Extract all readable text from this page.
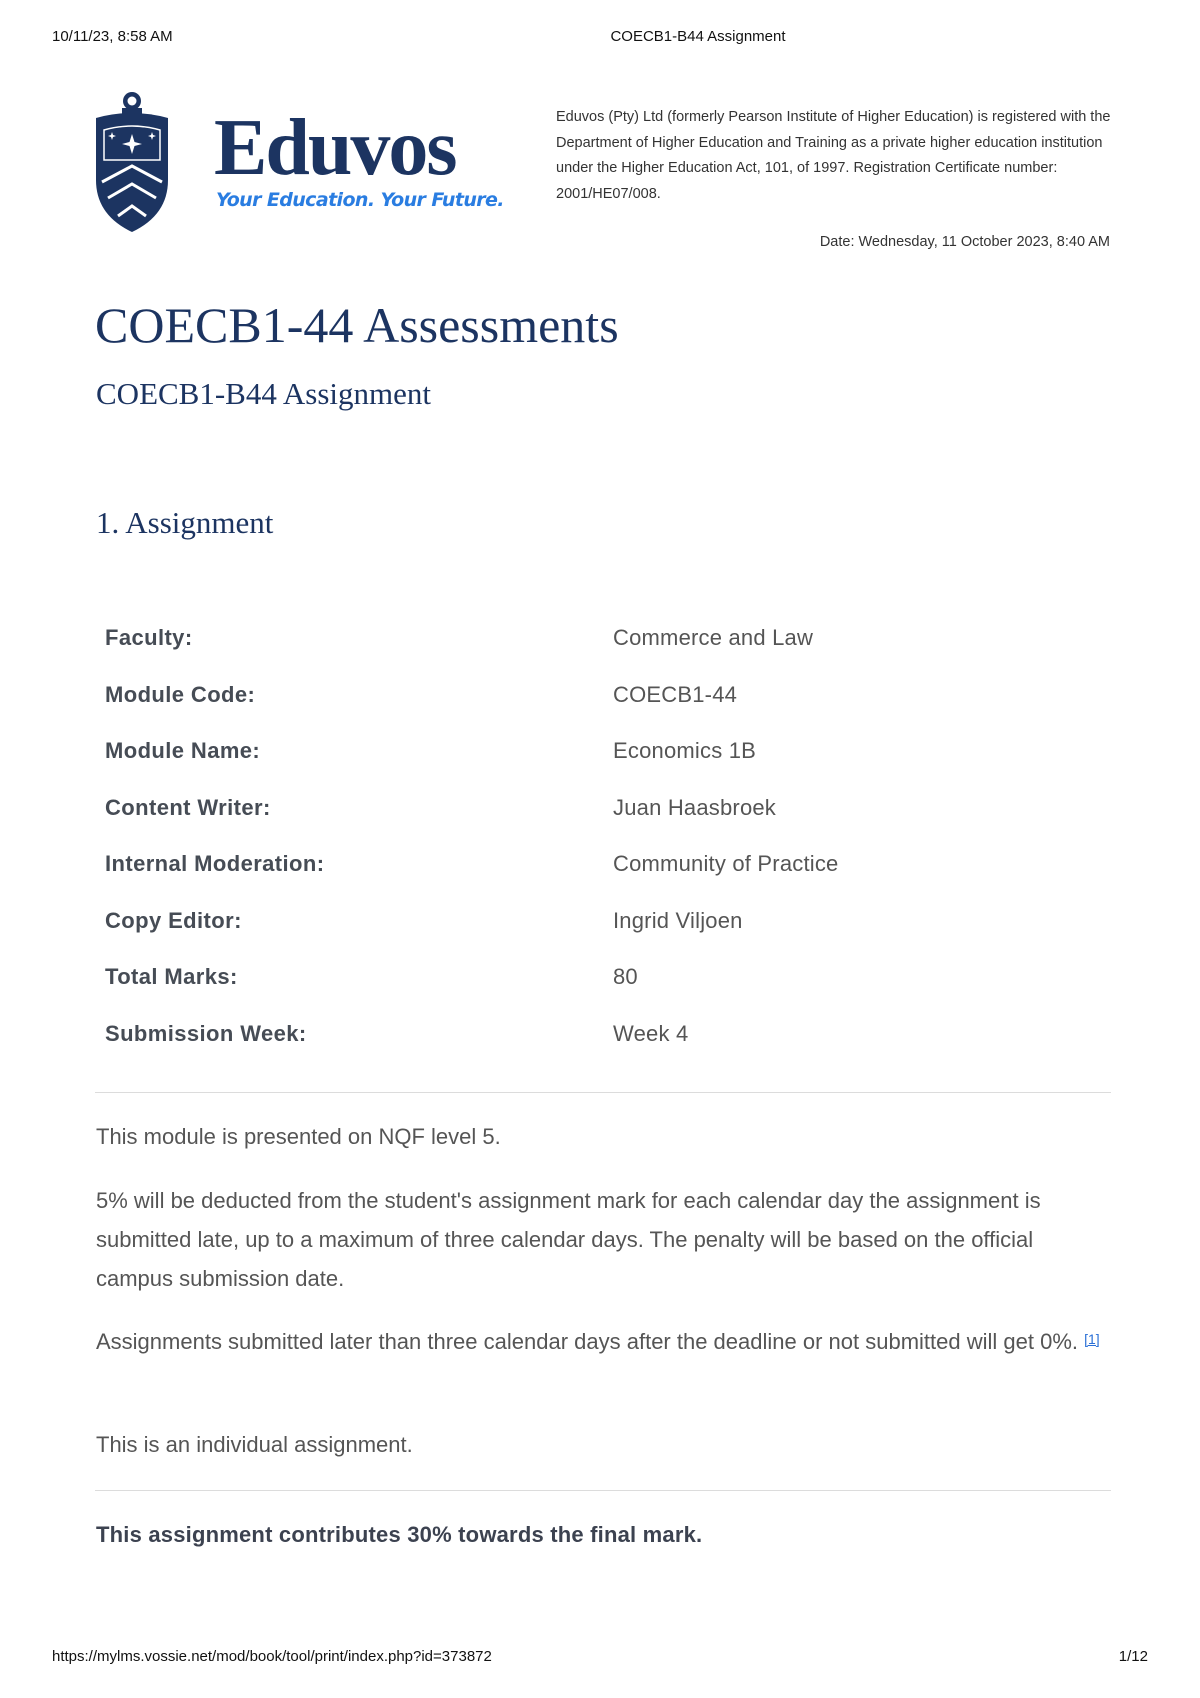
10/11/23, 8:58 AM	COECB1-B44 Assignment
Eduvos
Your Education. Your Future.
Eduvos (Pty) Ltd (formerly Pearson Institute of Higher Education) is registered with the Department of Higher Education and Training as a private higher education institution under the Higher Education Act, 101, of 1997. Registration Certificate number: 2001/HE07/008.
Date: Wednesday, 11 October 2023, 8:40 AM
COECB1-44 Assessments
COECB1-B44 Assignment
1. Assignment
Faculty:	Commerce and Law
Module Code:	COECB1-44
Module Name:	Economics 1B
Content Writer:	Juan Haasbroek
Internal Moderation:	Community of Practice
Copy Editor:	Ingrid Viljoen
Total Marks:	80
Submission Week:	Week 4

This module is presented on NQF level 5.

5% will be deducted from the student's assignment mark for each calendar day the assignment is submitted late, up to a maximum of three calendar days. The penalty will be based on the official campus submission date.

Assignments submitted later than three calendar days after the deadline or not submitted will get 0%. [1]

This is an individual assignment.

This assignment contributes 30% towards the final mark.
https://mylms.vossie.net/mod/book/tool/print/index.php?id=373872	1/12
